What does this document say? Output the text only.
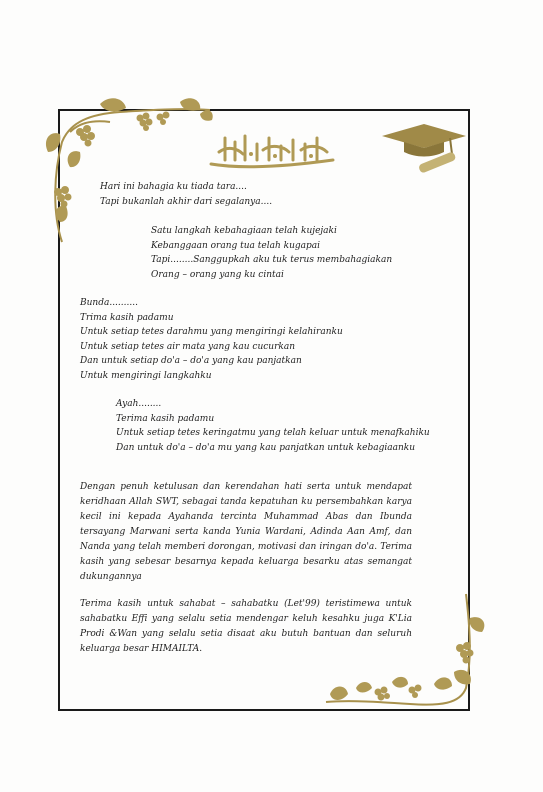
Hari ini bahagia ku tiada tara....
Tapi bukanlah akhir dari segalanya....
Satu langkah kebahagiaan telah kujejaki
Kebanggaan orang tua telah kugapai
Tapi........Sanggupkah aku tuk terus membahagiakan
Orang – orang yang ku cintai
Bunda..........
Trima kasih padamu
Untuk setiap tetes darahmu yang mengiringi kelahiranku
Untuk setiap tetes air mata yang kau cucurkan
Dan untuk setiap do'a – do'a yang kau panjatkan
Untuk mengiringi langkahku
Ayah........
Terima kasih padamu
Untuk setiap tetes keringatmu yang telah keluar untuk menafkahiku
Dan untuk do'a – do'a mu yang kau panjatkan untuk kebagiaanku
Dengan penuh ketulusan dan kerendahan hati serta untuk mendapat keridhaan Allah SWT, sebagai tanda kepatuhan ku persembahkan karya kecil ini kepada Ayahanda tercinta Muhammad Abas dan Ibunda tersayang Marwani serta kanda Yunia Wardani, Adinda Aan Amf, dan Nanda yang telah memberi dorongan, motivasi dan iringan do'a. Terima kasih yang sebesar besarnya kepada keluarga besarku atas semangat dukungannya
Terima kasih untuk sahabat – sahabatku (Let'99) teristimewa untuk sahabatku Effi yang selalu setia mendengar keluh kesahku juga K'Lia Prodi &Wan yang selalu setia disaat aku butuh bantuan dan seluruh keluarga besar HIMAILTA.
